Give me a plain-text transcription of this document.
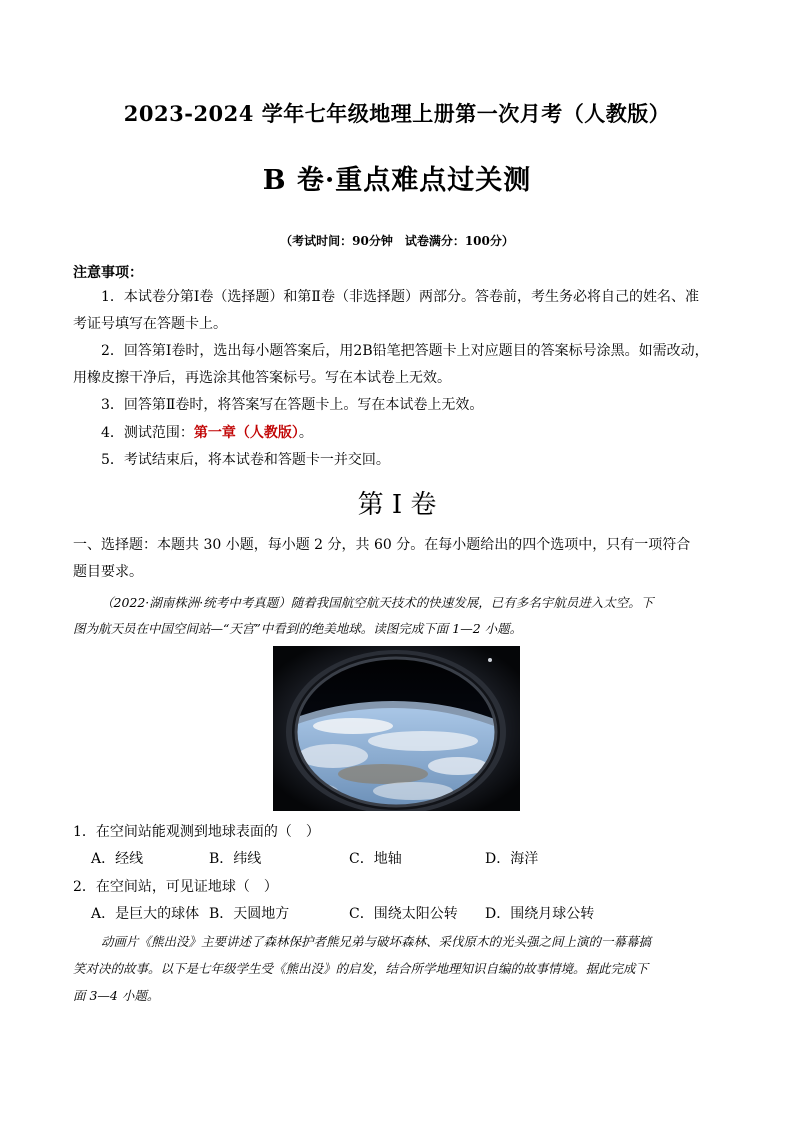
2023-2024 学年七年级地理上册第一次月考（人教版）
B 卷·重点难点过关测
（考试时间：90分钟　试卷满分：100分）
注意事项：
1．本试卷分第Ⅰ卷（选择题）和第Ⅱ卷（非选择题）两部分。答卷前，考生务必将自己的姓名、准
考证号填写在答题卡上。
2．回答第Ⅰ卷时，选出每小题答案后，用2B铅笔把答题卡上对应题目的答案标号涂黑。如需改动，
用橡皮擦干净后，再选涂其他答案标号。写在本试卷上无效。
3．回答第Ⅱ卷时，将答案写在答题卡上。写在本试卷上无效。
4．测试范围：第一章（人教版）。
5．考试结束后，将本试卷和答题卡一并交回。
第 I 卷
一、选择题：本题共 30 小题，每小题 2 分，共 60 分。在每小题给出的四个选项中，只有一项符合
题目要求。
（2022·湖南株洲·统考中考真题）随着我国航空航天技术的快速发展，已有多名宇航员进入太空。下
图为航天员在中国空间站—“天宫”中看到的绝美地球。读图完成下面 1—2 小题。
1．在空间站能观测到地球表面的（　）
A．经线	B．纬线	C．地轴	D．海洋
2．在空间站，可见证地球（　）
A．是巨大的球体 B．天圆地方	C．围绕太阳公转 D．围绕月球公转
动画片《熊出没》主要讲述了森林保护者熊兄弟与破坏森林、采伐原木的光头强之间上演的一幕幕搞
笑对决的故事。以下是七年级学生受《熊出没》的启发，结合所学地理知识自编的故事情境。据此完成下
面 3—4 小题。
